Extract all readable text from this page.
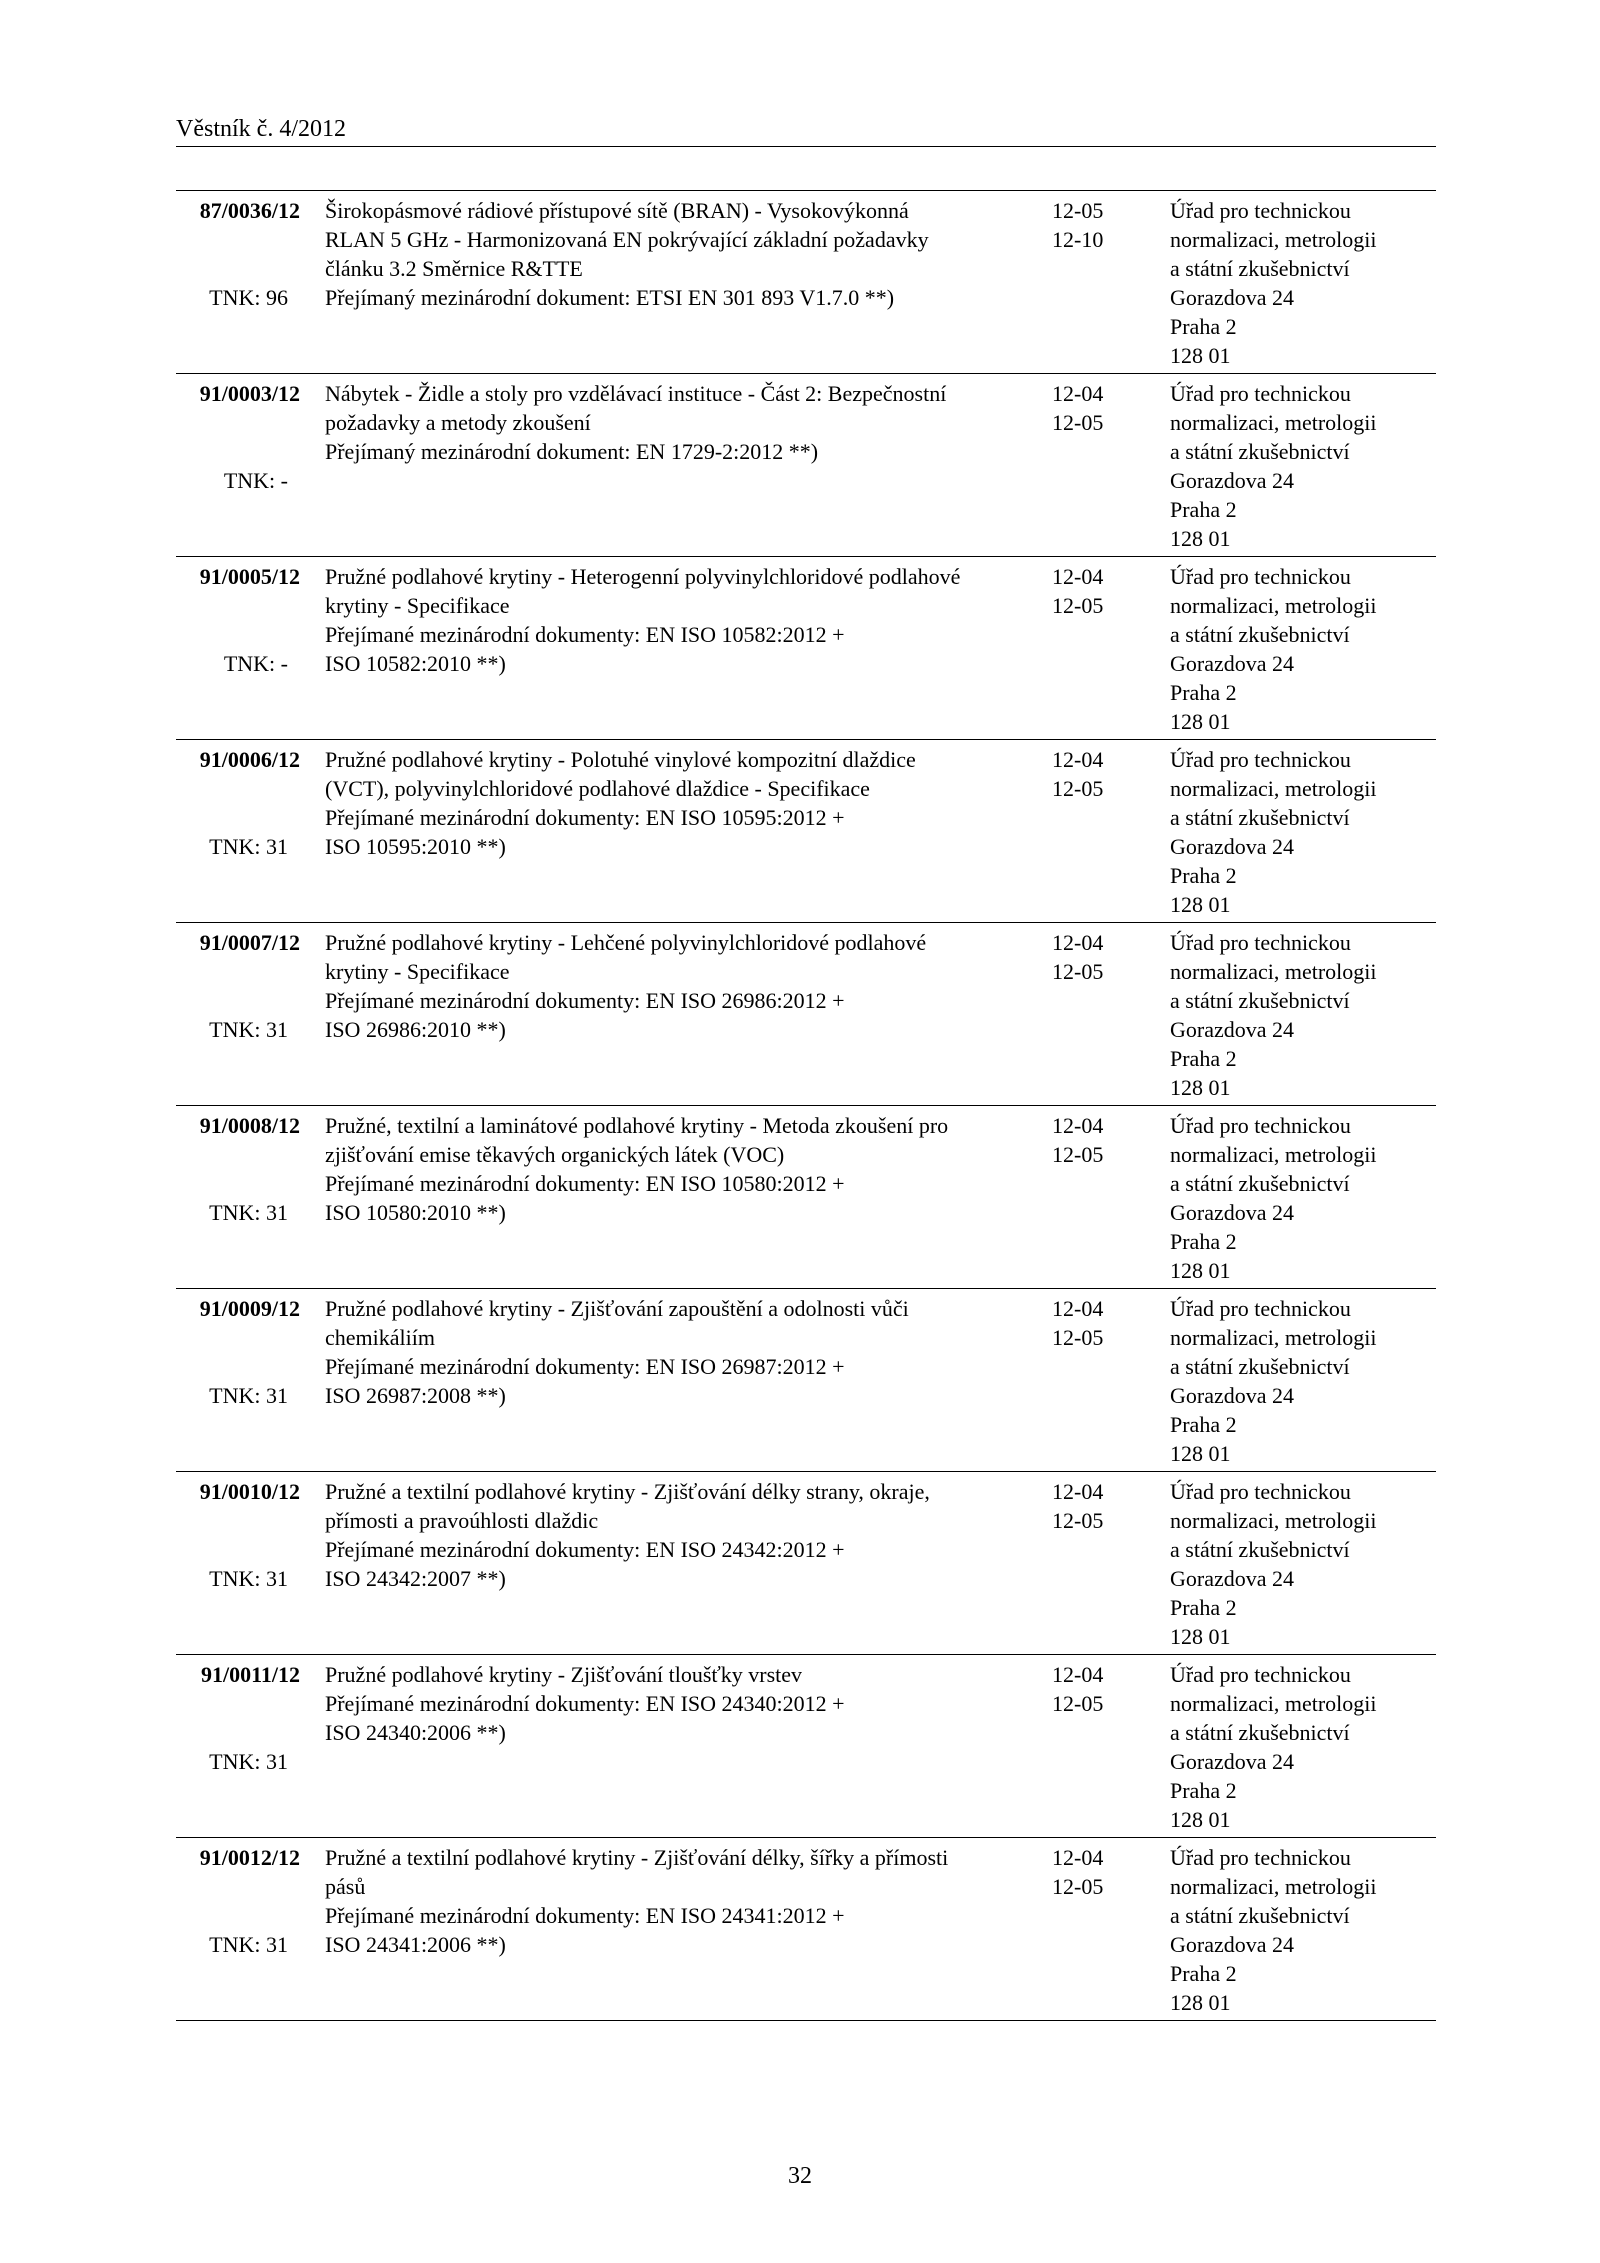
Věstník č. 4/2012
87/0036/12
TNK: 96
Širokopásmové rádiové přístupové sítě (BRAN) - Vysokovýkonná
RLAN 5 GHz - Harmonizovaná EN pokrývající základní požadavky
článku 3.2 Směrnice R&TTE
Přejímaný mezinárodní dokument: ETSI EN 301 893 V1.7.0 **)
12-05
12-10
Úřad pro technickou
normalizaci, metrologii
a státní zkušebnictví
Gorazdova 24
Praha 2
128 01
91/0003/12
TNK: -
Nábytek - Židle a stoly pro vzdělávací instituce - Část 2: Bezpečnostní
požadavky a metody zkoušení
Přejímaný mezinárodní dokument: EN 1729-2:2012 **)
12-04
12-05
Úřad pro technickou
normalizaci, metrologii
a státní zkušebnictví
Gorazdova 24
Praha 2
128 01
91/0005/12
TNK: -
Pružné podlahové krytiny - Heterogenní polyvinylchloridové podlahové
krytiny - Specifikace
Přejímané mezinárodní dokumenty: EN ISO 10582:2012 +
ISO 10582:2010 **)
12-04
12-05
Úřad pro technickou
normalizaci, metrologii
a státní zkušebnictví
Gorazdova 24
Praha 2
128 01
91/0006/12
TNK: 31
Pružné podlahové krytiny - Polotuhé vinylové kompozitní dlaždice
(VCT), polyvinylchloridové podlahové dlaždice - Specifikace
Přejímané mezinárodní dokumenty: EN ISO 10595:2012 +
ISO 10595:2010 **)
12-04
12-05
Úřad pro technickou
normalizaci, metrologii
a státní zkušebnictví
Gorazdova 24
Praha 2
128 01
91/0007/12
TNK: 31
Pružné podlahové krytiny - Lehčené polyvinylchloridové podlahové
krytiny - Specifikace
Přejímané mezinárodní dokumenty: EN ISO 26986:2012 +
ISO 26986:2010 **)
12-04
12-05
Úřad pro technickou
normalizaci, metrologii
a státní zkušebnictví
Gorazdova 24
Praha 2
128 01
91/0008/12
TNK: 31
Pružné, textilní a laminátové podlahové krytiny - Metoda zkoušení pro
zjišťování emise těkavých organických látek (VOC)
Přejímané mezinárodní dokumenty: EN ISO 10580:2012 +
ISO 10580:2010 **)
12-04
12-05
Úřad pro technickou
normalizaci, metrologii
a státní zkušebnictví
Gorazdova 24
Praha 2
128 01
91/0009/12
TNK: 31
Pružné podlahové krytiny - Zjišťování zapouštění a odolnosti vůči
chemikáliím
Přejímané mezinárodní dokumenty: EN ISO 26987:2012 +
ISO 26987:2008 **)
12-04
12-05
Úřad pro technickou
normalizaci, metrologii
a státní zkušebnictví
Gorazdova 24
Praha 2
128 01
91/0010/12
TNK: 31
Pružné a textilní podlahové krytiny - Zjišťování délky strany, okraje,
přímosti a pravoúhlosti dlaždic
Přejímané mezinárodní dokumenty: EN ISO 24342:2012 +
ISO 24342:2007 **)
12-04
12-05
Úřad pro technickou
normalizaci, metrologii
a státní zkušebnictví
Gorazdova 24
Praha 2
128 01
91/0011/12
TNK: 31
Pružné podlahové krytiny - Zjišťování tloušťky vrstev
Přejímané mezinárodní dokumenty: EN ISO 24340:2012 +
ISO 24340:2006 **)
12-04
12-05
Úřad pro technickou
normalizaci, metrologii
a státní zkušebnictví
Gorazdova 24
Praha 2
128 01
91/0012/12
TNK: 31
Pružné a textilní podlahové krytiny - Zjišťování délky, šířky a přímosti
pásů
Přejímané mezinárodní dokumenty: EN ISO 24341:2012 +
ISO 24341:2006 **)
12-04
12-05
Úřad pro technickou
normalizaci, metrologii
a státní zkušebnictví
Gorazdova 24
Praha 2
128 01
32
